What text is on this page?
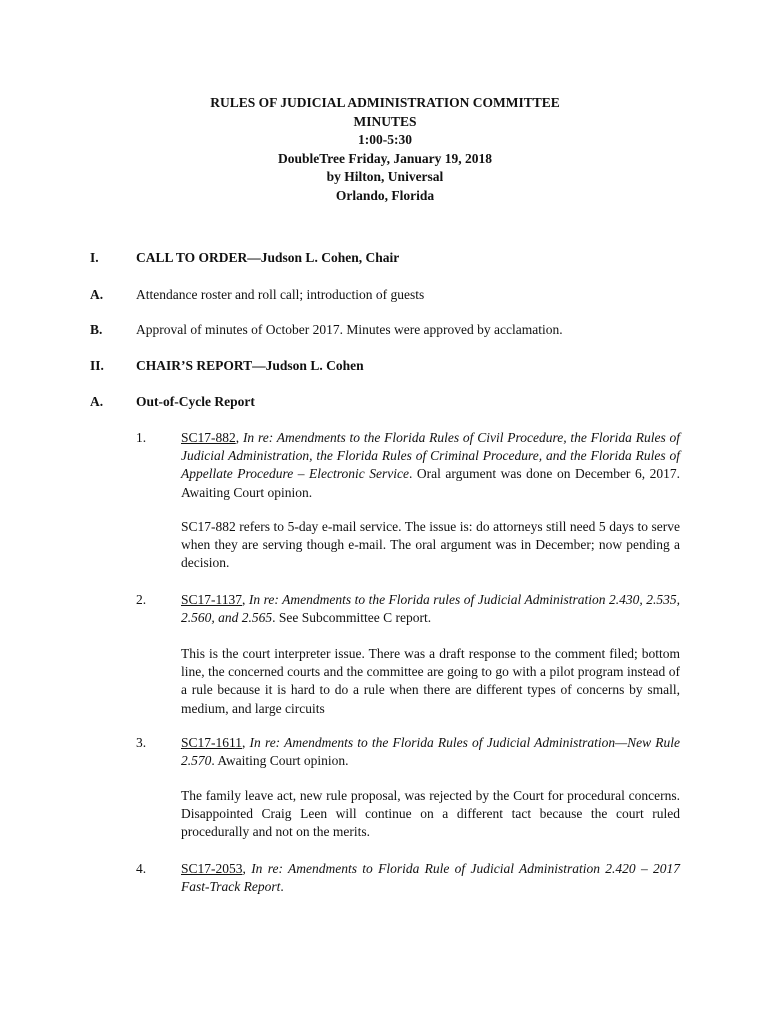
RULES OF JUDICIAL ADMINISTRATION COMMITTEE
MINUTES
1:00-5:30
DoubleTree Friday, January 19, 2018
by Hilton, Universal
Orlando, Florida
I.	CALL TO ORDER—Judson L. Cohen, Chair
A. Attendance roster and roll call; introduction of guests
B. Approval of minutes of October 2017. Minutes were approved by acclamation.
II. CHAIR’S REPORT—Judson L. Cohen
A. Out-of-Cycle Report
1.	SC17-882, In re: Amendments to the Florida Rules of Civil Procedure, the Florida Rules of Judicial Administration, the Florida Rules of Criminal Procedure, and the Florida Rules of Appellate Procedure – Electronic Service. Oral argument was done on December 6, 2017. Awaiting Court opinion.
SC17-882 refers to 5-day e-mail service. The issue is: do attorneys still need 5 days to serve when they are serving though e-mail. The oral argument was in December; now pending a decision.
2.	SC17-1137, In re: Amendments to the Florida rules of Judicial Administration 2.430, 2.535, 2.560, and 2.565. See Subcommittee C report.
This is the court interpreter issue. There was a draft response to the comment filed; bottom line, the concerned courts and the committee are going to go with a pilot program instead of a rule because it is hard to do a rule when there are different types of concerns by small, medium, and large circuits
3.	SC17-1611, In re: Amendments to the Florida Rules of Judicial Administration—New Rule 2.570. Awaiting Court opinion.
The family leave act, new rule proposal, was rejected by the Court for procedural concerns. Disappointed Craig Leen will continue on a different tact because the court ruled procedurally and not on the merits.
4.	SC17-2053, In re: Amendments to Florida Rule of Judicial Administration 2.420 – 2017 Fast-Track Report.
